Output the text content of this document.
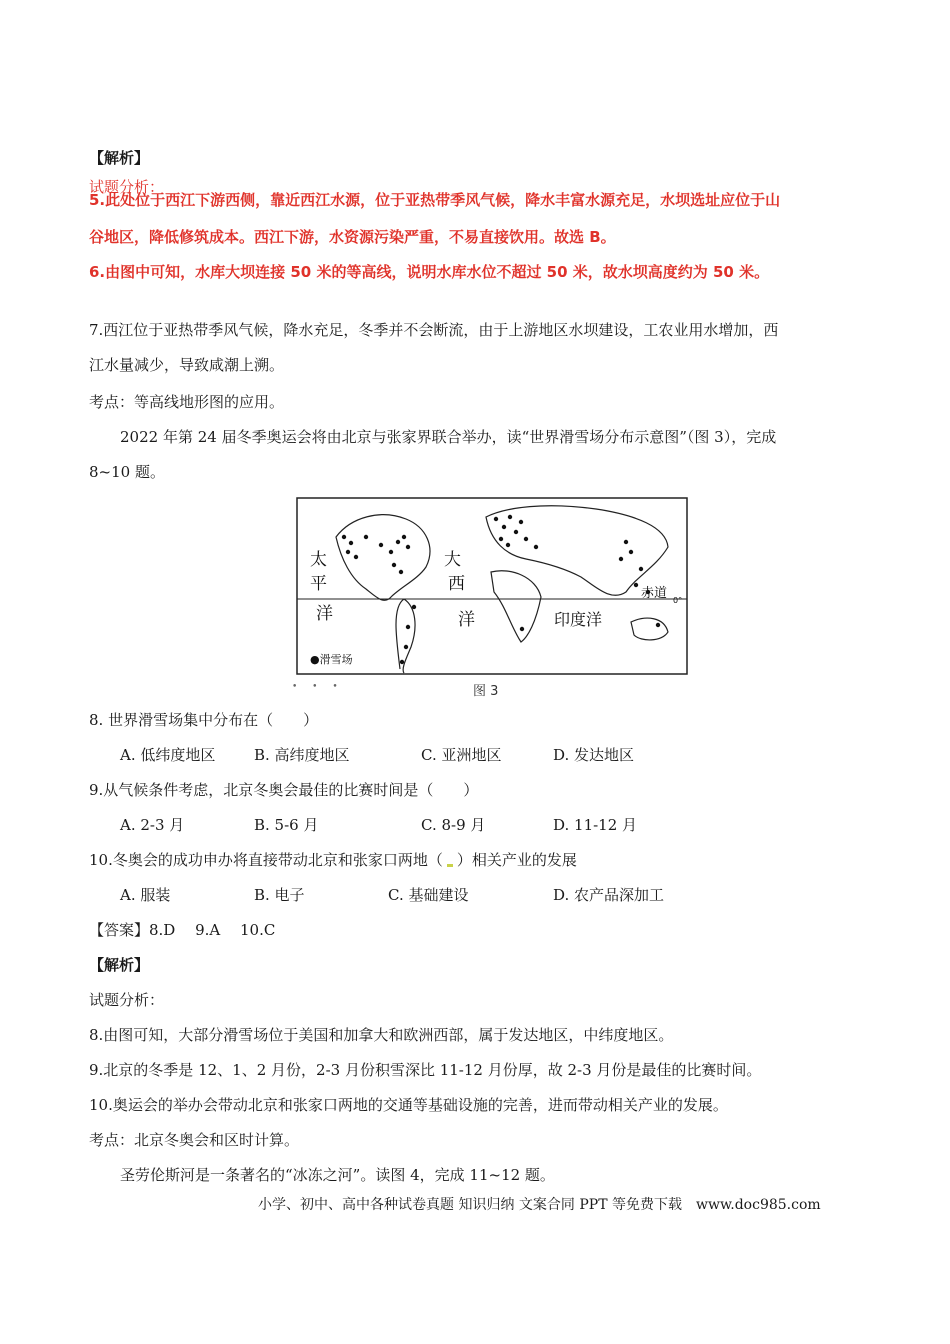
【解析】
试题分析：
5.此处位于西江下游西侧，靠近西江水源，位于亚热带季风气候，降水丰富水源充足，水坝选址应位于山
谷地区，降低修筑成本。西江下游，水资源污染严重，不易直接饮用。故选 B。
6.由图中可知，水库大坝连接 50 米的等高线，说明水库水位不超过 50 米，故水坝高度约为 50 米。
7.西江位于亚热带季风气候，降水充足，冬季并不会断流，由于上游地区水坝建设，工农业用水增加，西
江水量减少，导致咸潮上溯。
考点：等高线地形图的应用。
2022 年第 24 届冬季奥运会将由北京与张家界联合举办，读“世界滑雪场分布示意图”（图 3），完成
8~10 题。
太
平
洋
大
西
洋	印度洋
赤道 0°
●滑雪场
• • •	图 3
8. 世界滑雪场集中分布在（　　）
A. 低纬度地区	B. 高纬度地区	C. 亚洲地区	D. 发达地区
9.从气候条件考虑，北京冬奥会最佳的比赛时间是（　　）
A. 2-3 月	B. 5-6 月	C. 8-9 月	D. 11-12 月
10.冬奥会的成功申办将直接带动北京和张家口两地（ ）相关产业的发展
A. 服装	B. 电子	C. 基础建设	D. 农产品深加工
【答案】8.D　 9.A　 10.C
【解析】
试题分析：
8.由图可知，大部分滑雪场位于美国和加拿大和欧洲西部，属于发达地区，中纬度地区。
9.北京的冬季是 12、1、2 月份，2-3 月份积雪深比 11-12 月份厚，故 2-3 月份是最佳的比赛时间。
10.奥运会的举办会带动北京和张家口两地的交通等基础设施的完善，进而带动相关产业的发展。
考点：北京冬奥会和区时计算。
圣劳伦斯河是一条著名的“冰冻之河”。读图 4，完成 11~12 题。
小学、初中、高中各种试卷真题 知识归纳 文案合同 PPT 等免费下载　www.doc985.com
